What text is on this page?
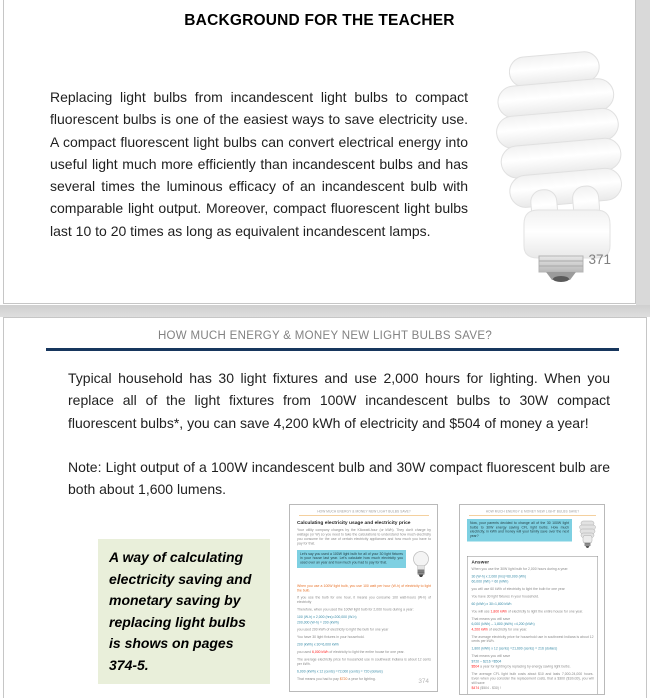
BACKGROUND FOR THE TEACHER
Replacing light bulbs from incandescent light bulbs to compact fluorescent bulbs is one of the easiest ways to save electricity use. A compact fluorescent light bulbs can convert electrical energy into useful light much more efficiently than incandescent bulbs and has several times the luminous efficacy of an incandescent bulb with comparable light output. Moreover, compact fluorescent light bulbs last 10 to 20 times as long as equivalent incandescent lamps.
371
HOW MUCH ENERGY & MONEY NEW LIGHT BULBS SAVE?
Typical household has 30 light fixtures and use 2,000 hours for lighting. When you replace all of the light fixtures from 100W incandescent bulbs to 30W compact fluorescent bulbs*, you can save 4,200 kWh of electricity and $504 of money a year!
Note: Light output of a 100W incandescent bulb and 30W compact fluorescent bulb are both about 1,600 lumens.
A way of calculating electricity saving and monetary saving by replacing light bulbs is shows on pages 374-5.
HOW MUCH ENERGY & MONEY NEW LIGHT BULBS SAVE?
Calculating electricity usage and electricity price
Your utility company charges by the Kilowatt-hour (or kWh). They don't charge by wattage (or W) so you need to take the calculations to understand how much electricity you consume for the use of certain electricity appliances and how much you have to pay for that.
Let's say you used a 100W light bulb for all of your 30 light fixtures in your house last year. Let's calculate how much electricity you used over an year and how much you had to pay for that.
When you use a 100W light bulb, you use 100 watt per hour (W-h) of electricity to light the bulb.
If you use the bulb for one hour, it means you consume 100 watt-hours (W-h) of electricity
Therefore, when you used the 100W light bulb for 2,000 hours during a year:
100 (W-h) x 2,000 (hrs)=200,000 (W-h)
200,000 (W-h) = 200 (kWh)
you used 200 kWh of electricity to light the bulb for one year
You have 30 light fixtures in your household.
200 (kWh) x 30=6,000 kWh
you used 6,000 kWh of electricity to light the entire house for one year.
The average electricity price for household use in southwest Indiana is about 12 cents per kWh.
6,000 (kWh) x 12 (cents) =72,000 (cents) = 720 (dollars)
That means you had to pay $720 a year for lighting.	374
HOW MUCH ENERGY & MONEY NEW LIGHT BULBS SAVE?
Now, your parents decided to change all of the 30 100W light bulbs to 30W energy saving CFL light bulbs. How much electricity, in kWh and money will your family save over the next year?
Answer
When you use the 30W light bulb for 2,000 hours during a year:
30 (W-h) x 2,000 (hrs)=60,000 (Wh)
60,000 (Wh) = 60 (kWh)
you will use 60 kWh of electricity to light the bulb for one year
You have 30 light fixtures in your household.
60 (kWh) x 30=1,800 kWh
You will use 1,800 kWh of electricity to light the entire house for one year.
That means you will save
6,000 (kWh) – 1,800 (kWh) =4,200 (kWh)
4,200 kWh of electricity for one year.
The average electricity price for household use in southwest Indiana is about 12 cents per kWh.
1,800 (kWh) x 12 (cents) =21,600 (cents) = 216 (dollars)
That means you will save
$720 – $216 =$504
$504 a year for lighting by replacing by energy saving light bulbs.
The average CFL light bulb costs about $10 and lasts 7,000-24,000 hours. Even when you consider the replacement costs, that a $300 ($10x30), you will still save
$474 ($504 - $30) !
